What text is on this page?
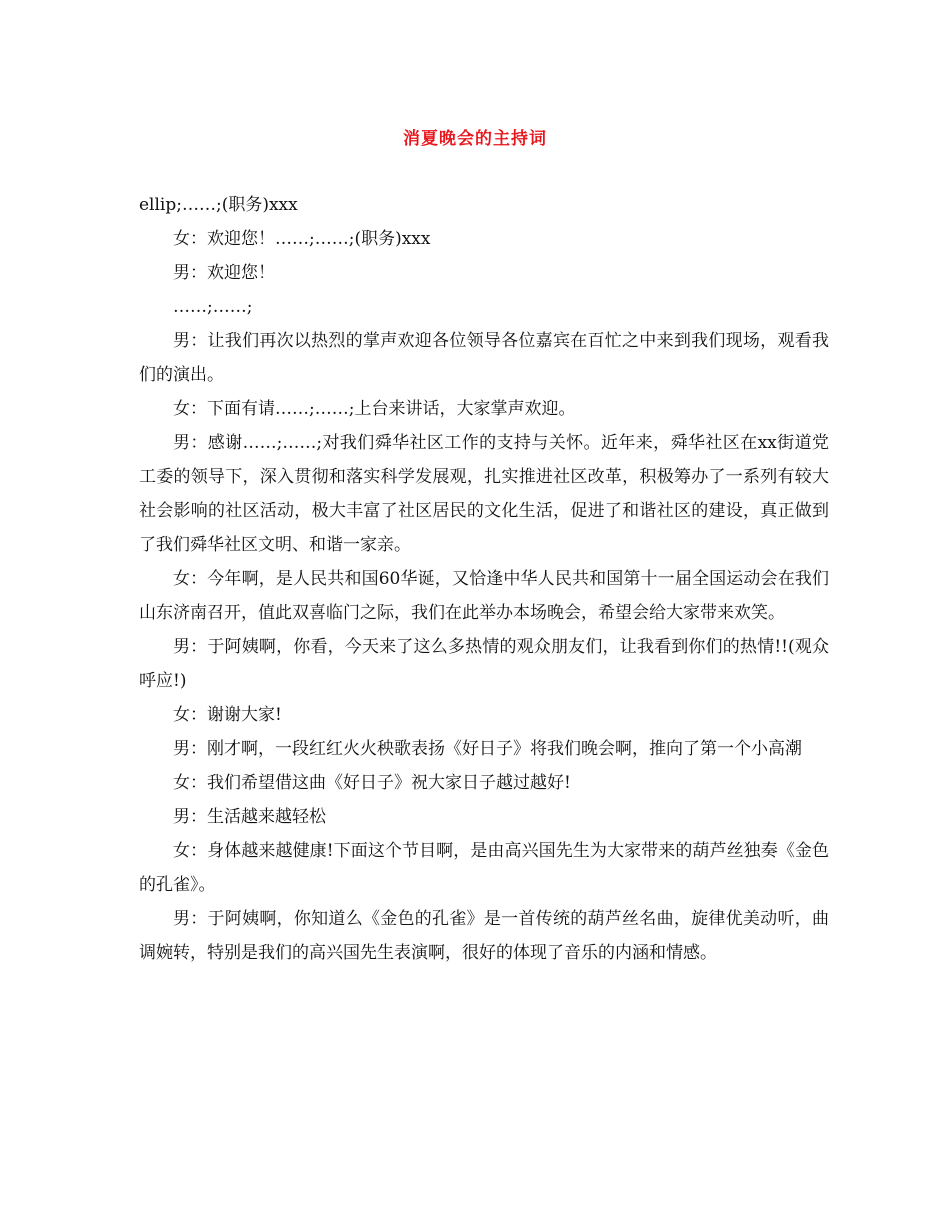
消夏晚会的主持词

ellip;……;(职务)xxx

女：欢迎您！……;……;(职务)xxx

男：欢迎您！

……;……;

男：让我们再次以热烈的掌声欢迎各位领导各位嘉宾在百忙之中来到我们现场，观看我们的演出。

女：下面有请……;……;上台来讲话，大家掌声欢迎。

男：感谢……;……;对我们舜华社区工作的支持与关怀。近年来，舜华社区在xx街道党工委的领导下，深入贯彻和落实科学发展观，扎实推进社区改革，积极筹办了一系列有较大社会影响的社区活动，极大丰富了社区居民的文化生活，促进了和谐社区的建设，真正做到了我们舜华社区文明、和谐一家亲。

女：今年啊，是人民共和国60华诞，又恰逢中华人民共和国第十一届全国运动会在我们山东济南召开，值此双喜临门之际，我们在此举办本场晚会，希望会给大家带来欢笑。

男：于阿姨啊，你看，今天来了这么多热情的观众朋友们，让我看到你们的热情!!(观众呼应!)

女：谢谢大家!

男：刚才啊，一段红红火火秧歌表扬《好日子》将我们晚会啊，推向了第一个小高潮

女：我们希望借这曲《好日子》祝大家日子越过越好!

男：生活越来越轻松

女：身体越来越健康!下面这个节目啊，是由高兴国先生为大家带来的葫芦丝独奏《金色的孔雀》。

男：于阿姨啊，你知道么《金色的孔雀》是一首传统的葫芦丝名曲，旋律优美动听，曲调婉转，特别是我们的高兴国先生表演啊，很好的体现了音乐的内涵和情感。
